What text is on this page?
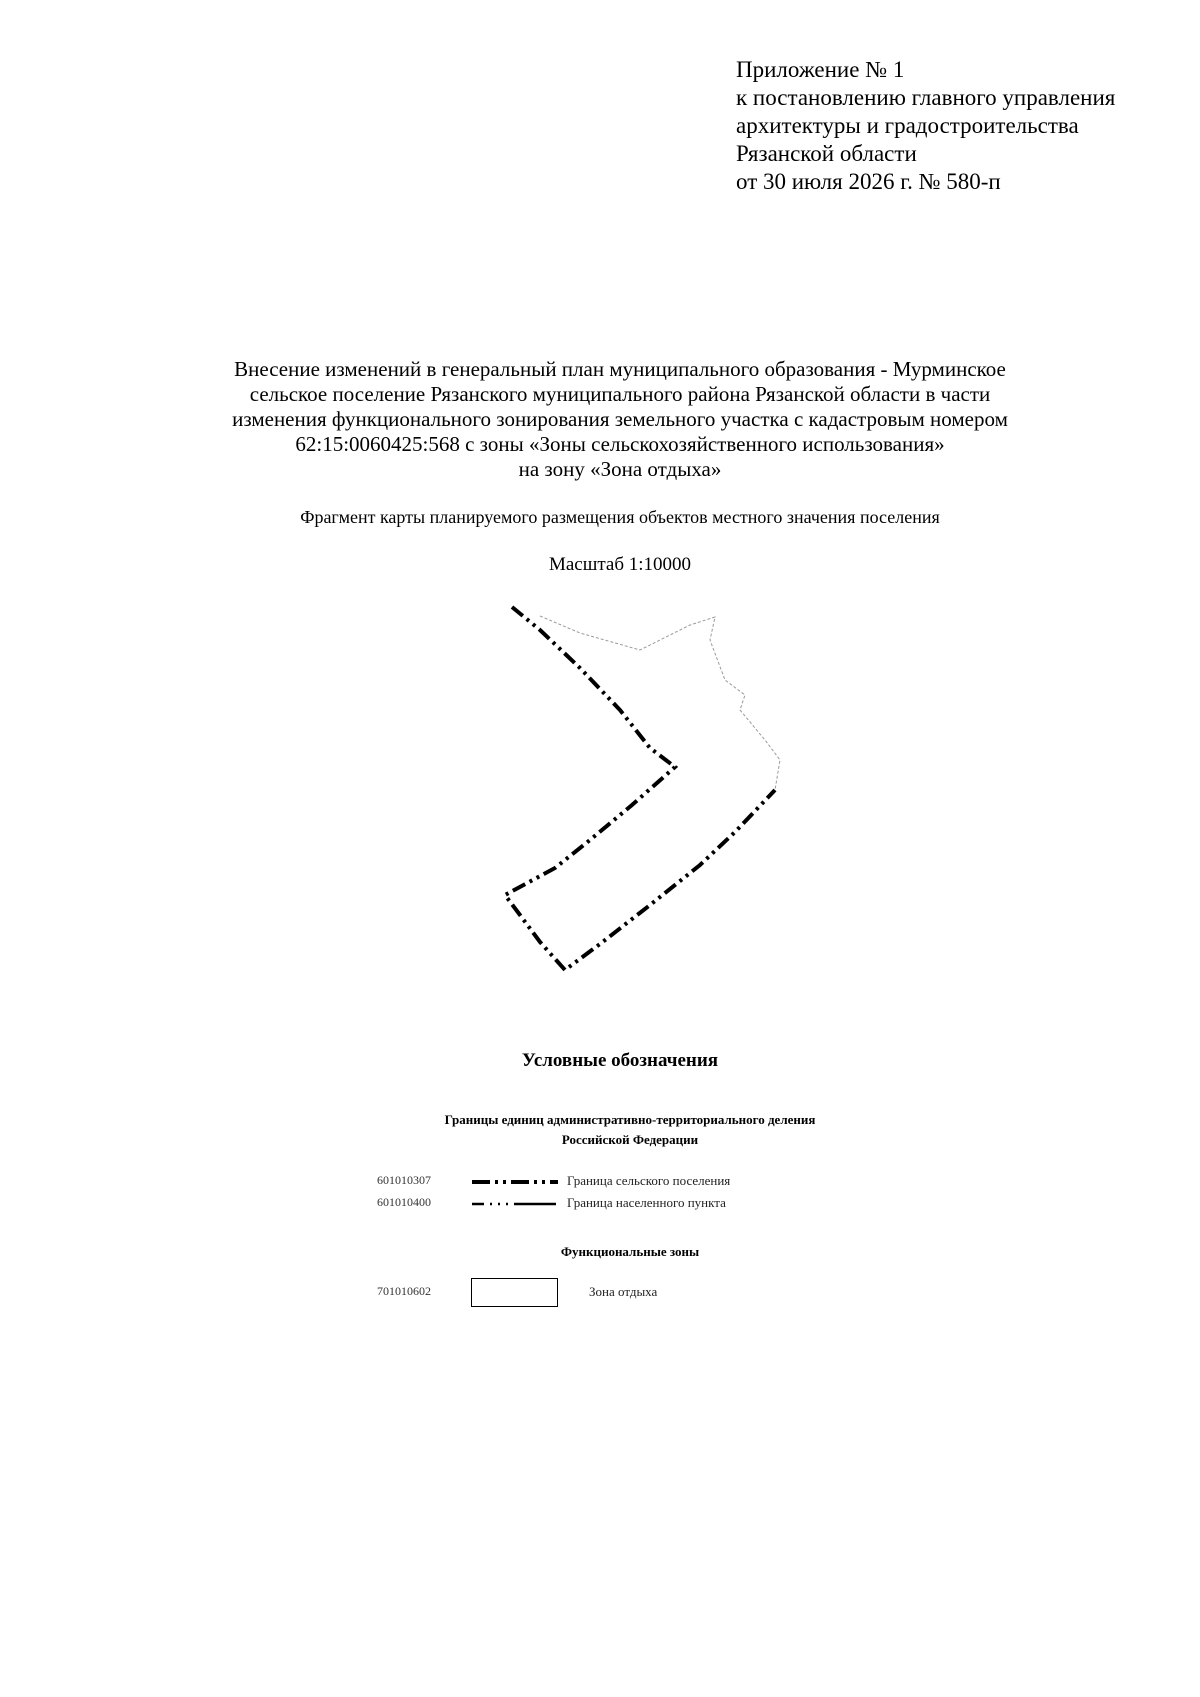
Приложение № 1
к постановлению главного управления
архитектуры и градостроительства
Рязанской области
от 30 июля 2026 г. № 580-п
Внесение изменений в генеральный план муниципального образования - Мурминское
сельское поселение Рязанского муниципального района Рязанской области в части
изменения функционального зонирования земельного участка с кадастровым номером
62:15:0060425:568 с зоны «Зоны сельскохозяйственного использования»
на зону «Зона отдыха»
Фрагмент карты планируемого размещения объектов местного значения поселения
Масштаб 1:10000
Условные обозначения
Границы единиц административно-территориального деления
Российской Федерации
601010307	Граница сельского поселения
601010400	Граница населенного пункта
Функциональные зоны
701010602	Зона отдыха
